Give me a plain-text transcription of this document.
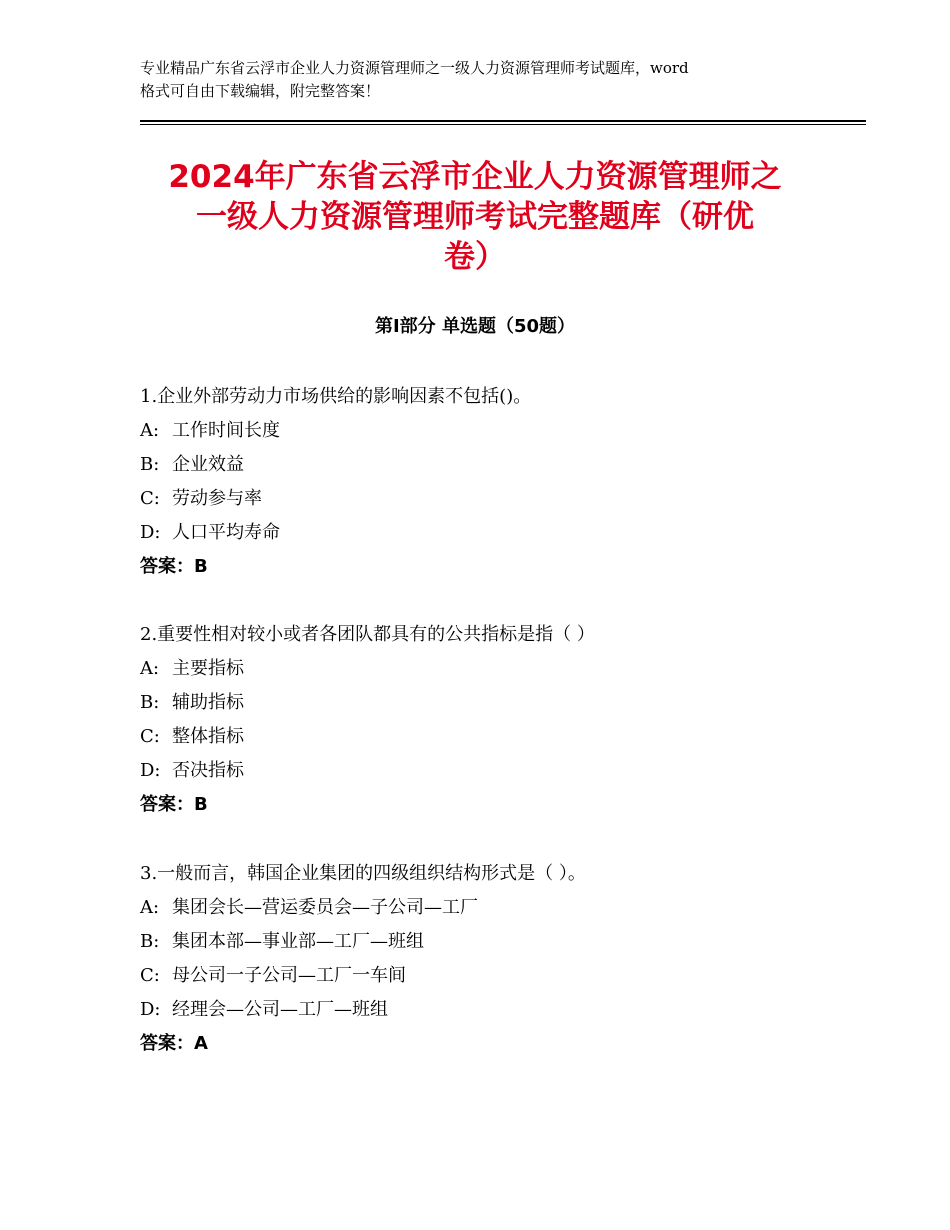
专业精品广东省云浮市企业人力资源管理师之一级人力资源管理师考试题库，word
格式可自由下载编辑，附完整答案！
2024年广东省云浮市企业人力资源管理师之
一级人力资源管理师考试完整题库（研优
卷）
第Ⅰ部分 单选题（50题）
1.企业外部劳动力市场供给的影响因素不包括()。
A: 工作时间长度
B: 企业效益
C: 劳动参与率
D: 人口平均寿命
答案：B
2.重要性相对较小或者各团队都具有的公共指标是指（ ）
A: 主要指标
B: 辅助指标
C: 整体指标
D: 否决指标
答案：B
3.一般而言，韩国企业集团的四级组织结构形式是（ ）。
A: 集团会长—营运委员会—子公司—工厂
B: 集团本部—事业部—工厂—班组
C: 母公司一子公司—工厂一车间
D: 经理会—公司—工厂—班组
答案：A
